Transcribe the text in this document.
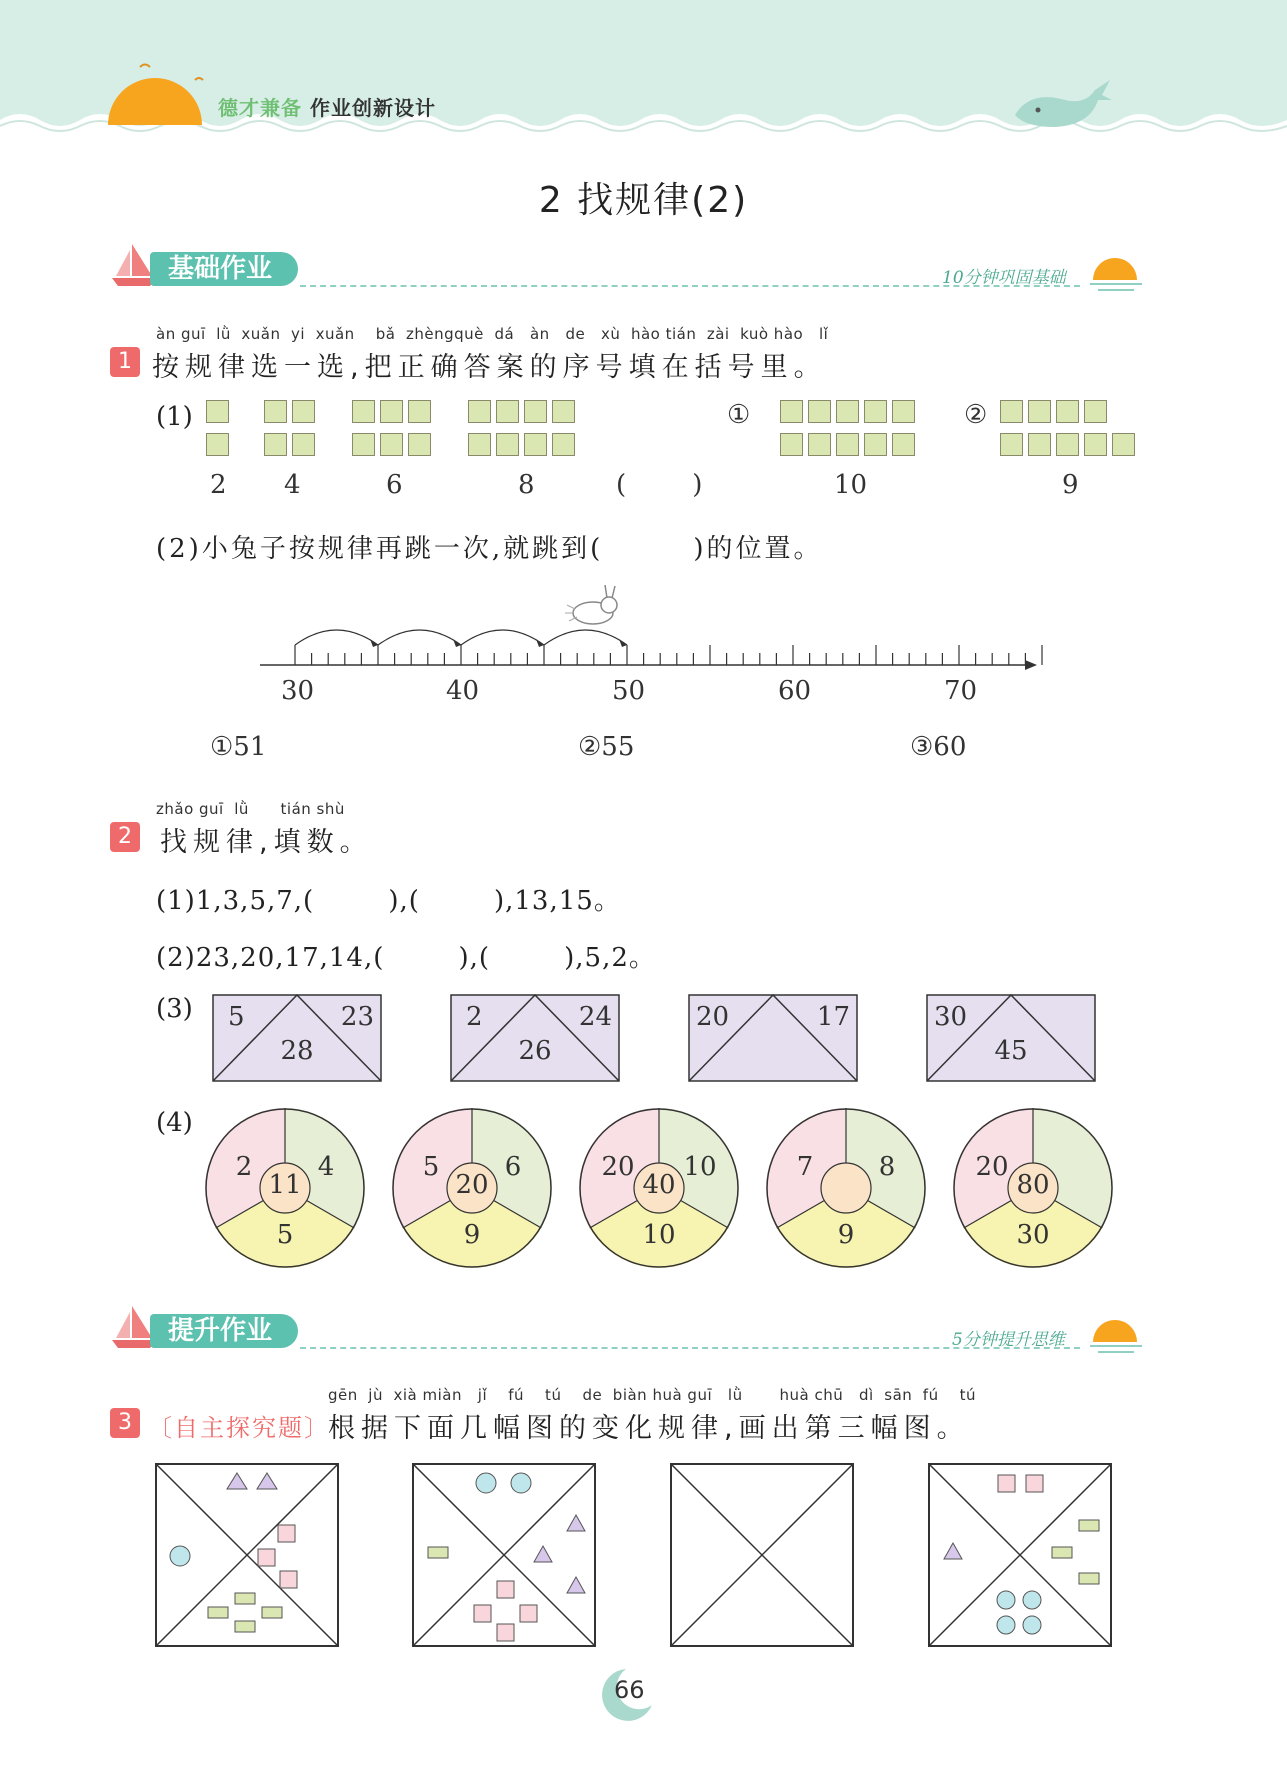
德才兼备 作业创新设计
2 找规律(2)
基础作业	10分钟巩固基础
àn guī  lǜ  xuǎn  yi  xuǎn    bǎ  zhèngquè  dá   àn   de   xù  hào tián  zài  kuò hào   lǐ
1 按规律选一选,把正确答案的序号填在括号里。
(1)	①	②
2 4	6	8	(        )	10	9
(2)小兔子按规律再跳一次,就跳到(        )的位置。
30	40	50	60	70
①51	②55	③60
zhǎo guī  lǜ      tián shù
2 找规律,填数。
(1)1,3,5,7,(        ),(        ),13,15。
(2)23,20,17,14,(        ),(        ),5,2。
(3) 5	23
28
2	24
26
20	17	30
45
(4)
2	4
5
11
5	6
9
20
20	10
10
40
7	8
9
20
30
80
提升作业	5分钟提升思维
gēn  jù  xià miàn   jǐ    fú    tú    de  biàn huà guī   lǜ       huà chū   dì  sān  fú    tú
3 〔自主探究题〕
根据下面几幅图的变化规律,画出第三幅图。
66
